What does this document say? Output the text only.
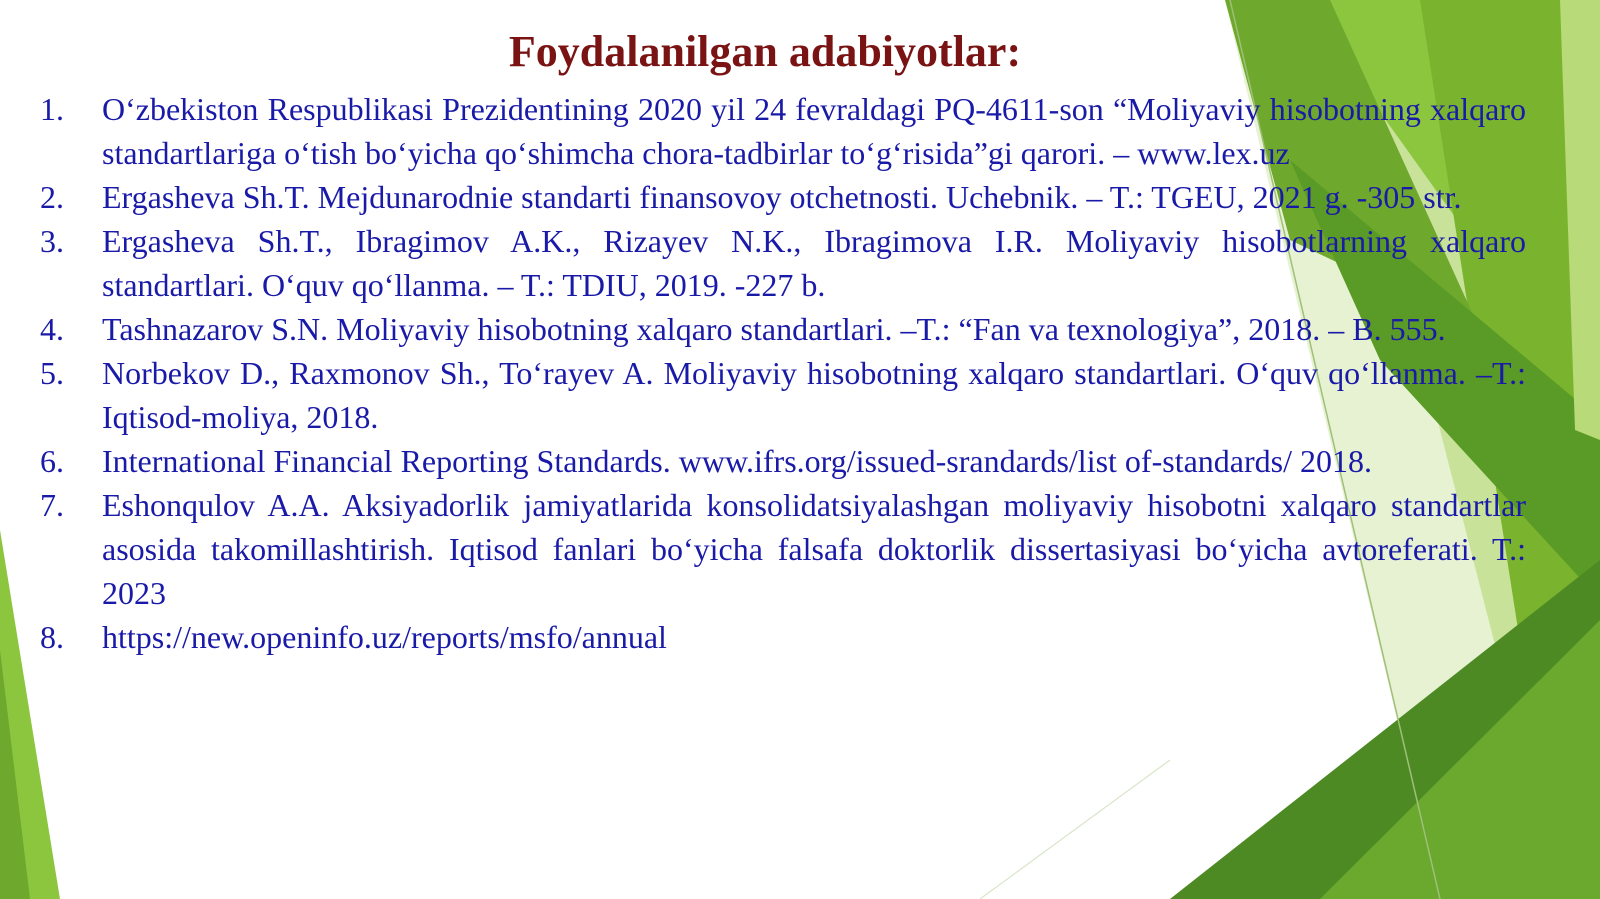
Foydalanilgan adabiyotlar:
1.	O‘zbekiston Respublikasi Prezidentining 2020 yil 24 fevraldagi PQ-4611-son “Moliyaviy hisobotning xalqaro standartlariga o‘tish bo‘yicha qo‘shimcha chora-tadbirlar to‘g‘risida”gi qarori. – www.lex.uz
2.	Ergasheva Sh.T. Mejdunarodnie standarti finansovoy otchetnosti. Uchebnik. – T.: TGEU, 2021 g. -305 str.
3.	Ergasheva Sh.T., Ibragimov A.K., Rizayev N.K., Ibragimova I.R. Moliyaviy hisobotlarning xalqaro standartlari. O‘quv qo‘llanma. – T.: TDIU, 2019. -227 b.
4.	Tashnazarov S.N. Moliyaviy hisobotning xalqaro standartlari. –T.: “Fan va texnologiya”, 2018. – B. 555.
5.	Norbekov D., Raxmonov Sh., To‘rayev A. Moliyaviy hisobotning xalqaro standartlari. O‘quv qo‘llanma. –T.: Iqtisod-moliya, 2018.
6.	International Financial Reporting Standards. www.ifrs.org/issued-srandards/list of-standards/ 2018.
7.	Eshonqulov A.A. Aksiyadorlik jamiyatlarida konsolidatsiyalashgan moliyaviy hisobotni xalqaro standartlar asosida takomillashtirish. Iqtisod fanlari bo‘yicha falsafa doktorlik dissertasiyasi bo‘yicha avtoreferati. T.: 2023
8.	https://new.openinfo.uz/reports/msfo/annual
